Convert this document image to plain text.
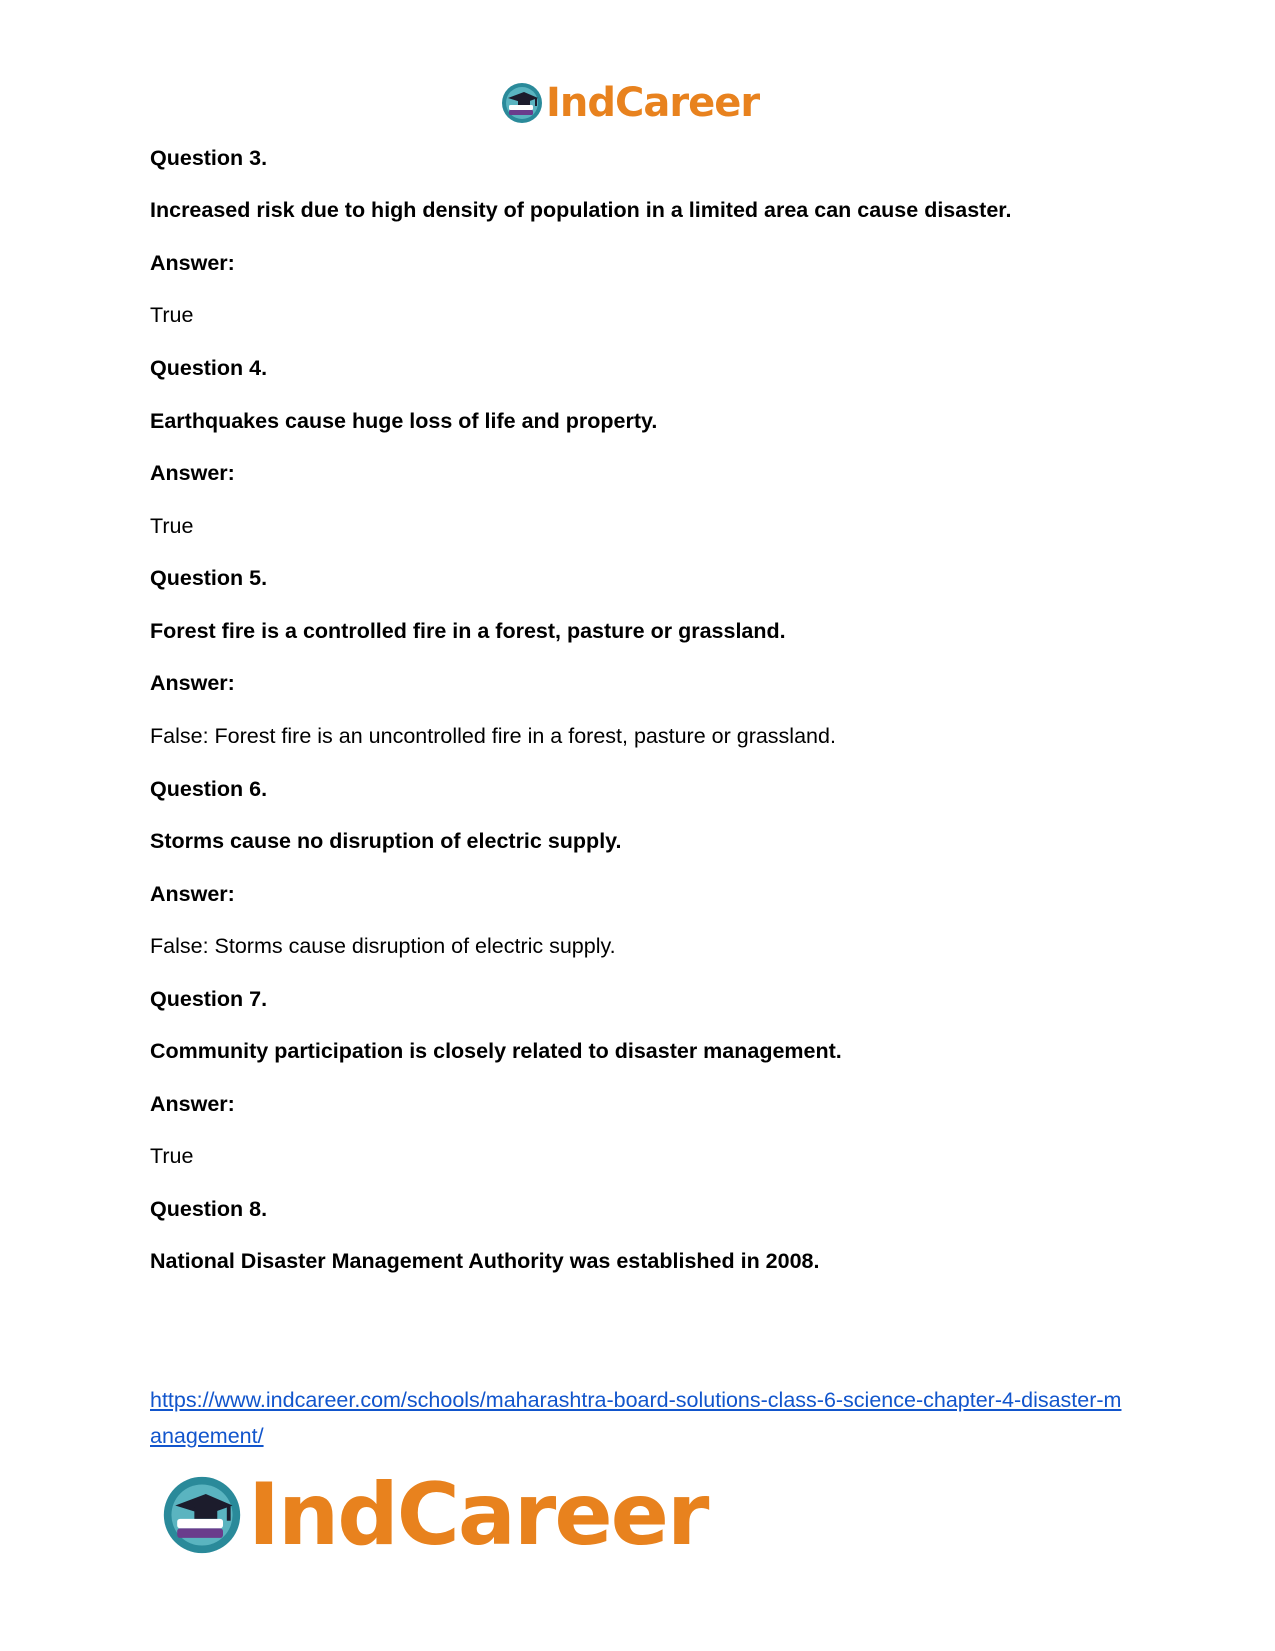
IndCareer
Question 3.
Increased risk due to high density of population in a limited area can cause disaster.
Answer:
True
Question 4.
Earthquakes cause huge loss of life and property.
Answer:
True
Question 5.
Forest fire is a controlled fire in a forest, pasture or grassland.
Answer:
False: Forest fire is an uncontrolled fire in a forest, pasture or grassland.
Question 6.
Storms cause no disruption of electric supply.
Answer:
False: Storms cause disruption of electric supply.
Question 7.
Community participation is closely related to disaster management.
Answer:
True
Question 8.
National Disaster Management Authority was established in 2008.
https://www.indcareer.com/schools/maharashtra-board-solutions-class-6-science-chapter-4-disaster-management/
IndCareer
